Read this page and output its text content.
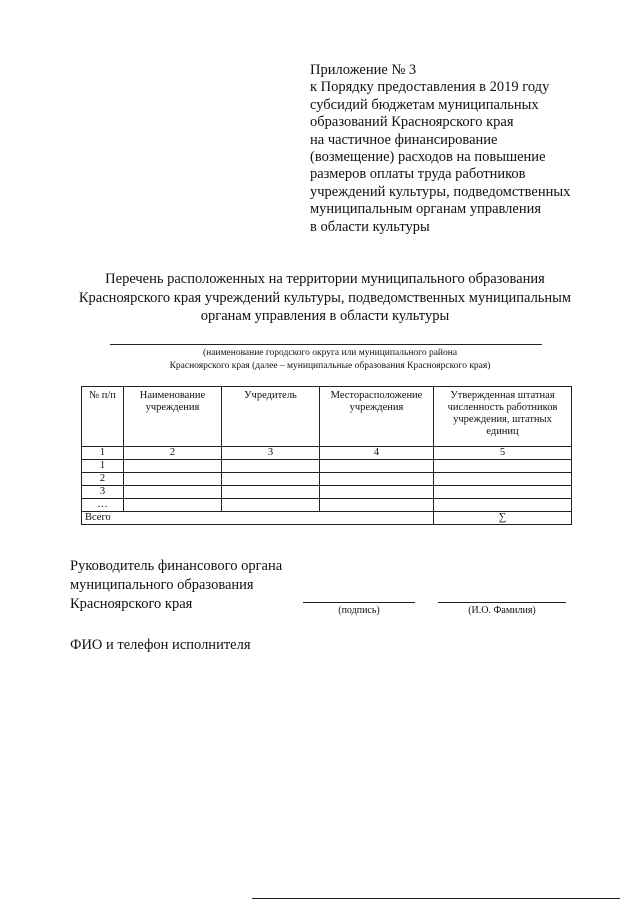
Приложение № 3
к Порядку предоставления в 2019 году
субсидий бюджетам муниципальных
образований Красноярского края
на частичное финансирование
(возмещение) расходов на повышение
размеров оплаты труда работников
учреждений культуры, подведомственных
муниципальным органам управления
в области культуры
Перечень расположенных на территории муниципального образования
Красноярского края учреждений культуры, подведомственных муниципальным
органам управления в области культуры
(наименование городского округа или муниципального района
Красноярского края (далее – муниципальные образования Красноярского края)
№ п/п	Наименование учреждения	Учредитель	Месторасположение учреждения	Утвержденная штатная численность работников учреждения, штатных единиц
1	2	3	4	5
1				
2				
3				
…				
Всего				∑
Руководитель финансового органа
муниципального образования
Красноярского края	(подпись)	(И.О. Фамилия)
ФИО и телефон исполнителя
